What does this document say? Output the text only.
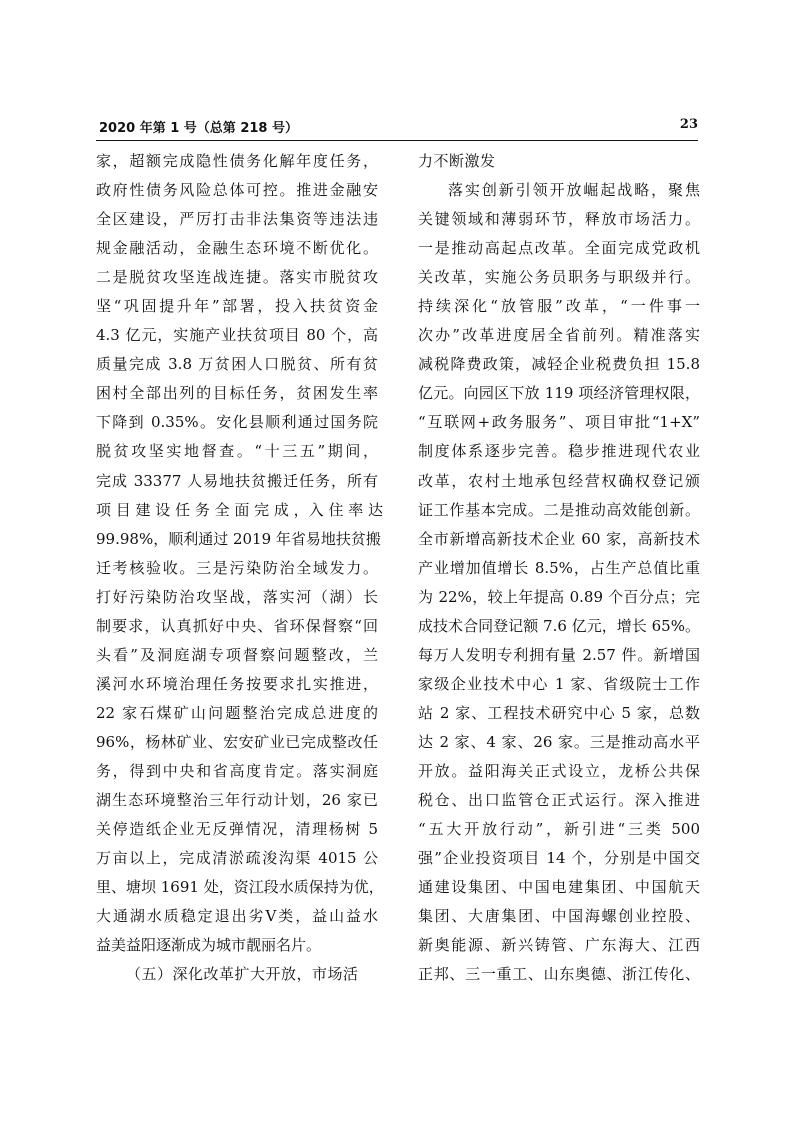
2020 年第 1 号（总第 218 号）	23
家，超额完成隐性债务化解年度任务，
政府性债务风险总体可控。推进金融安
全区建设，严厉打击非法集资等违法违
规金融活动，金融生态环境不断优化。
二是脱贫攻坚连战连捷。落实市脱贫攻
坚“巩固提升年”部署，投入扶贫资金
4.3 亿元，实施产业扶贫项目 80 个，高
质量完成 3.8 万贫困人口脱贫、所有贫
困村全部出列的目标任务，贫困发生率
下降到 0.35%。安化县顺利通过国务院
脱贫攻坚实地督查。“十三五”期间，
完成 33377 人易地扶贫搬迁任务，所有
项 目 建 设 任 务 全 面 完 成 ，入 住 率 达
99.98%，顺利通过 2019 年省易地扶贫搬
迁考核验收。三是污染防治全域发力。
打好污染防治攻坚战，落实河（湖）长
制要求，认真抓好中央、省环保督察“回
头看”及洞庭湖专项督察问题整改，兰
溪河水环境治理任务按要求扎实推进，
22 家石煤矿山问题整治完成总进度的
96%，杨林矿业、宏安矿业已完成整改任
务，得到中央和省高度肯定。落实洞庭
湖生态环境整治三年行动计划，26 家已
关停造纸企业无反弹情况，清理杨树 5
万亩以上，完成清淤疏浚沟渠 4015 公
里、塘坝 1691 处，资江段水质保持为优，
大通湖水质稳定退出劣Ⅴ类，益山益水
益美益阳逐渐成为城市靓丽名片。
（五）深化改革扩大开放，市场活
力不断激发
落实创新引领开放崛起战略，聚焦
关键领域和薄弱环节，释放市场活力。
一是推动高起点改革。全面完成党政机
关改革，实施公务员职务与职级并行。
持续深化“放管服”改革，“一件事一
次办”改革进度居全省前列。精准落实
减税降费政策，减轻企业税费负担 15.8
亿元。向园区下放 119 项经济管理权限，
“互联网+政务服务”、项目审批“1+X”
制度体系逐步完善。稳步推进现代农业
改革，农村土地承包经营权确权登记颁
证工作基本完成。二是推动高效能创新。
全市新增高新技术企业 60 家，高新技术
产业增加值增长 8.5%，占生产总值比重
为 22%，较上年提高 0.89 个百分点；完
成技术合同登记额 7.6 亿元，增长 65%。
每万人发明专利拥有量 2.57 件。新增国
家级企业技术中心 1 家、省级院士工作
站 2 家、工程技术研究中心 5 家，总数
达 2 家、4 家、26 家。三是推动高水平
开放。益阳海关正式设立，龙桥公共保
税仓、出口监管仓正式运行。深入推进
“五大开放行动”，新引进“三类 500
强”企业投资项目 14 个，分别是中国交
通建设集团、中国电建集团、中国航天
集团、大唐集团、中国海螺创业控股、
新奥能源、新兴铸管、广东海大、江西
正邦、三一重工、山东奥德、浙江传化、
